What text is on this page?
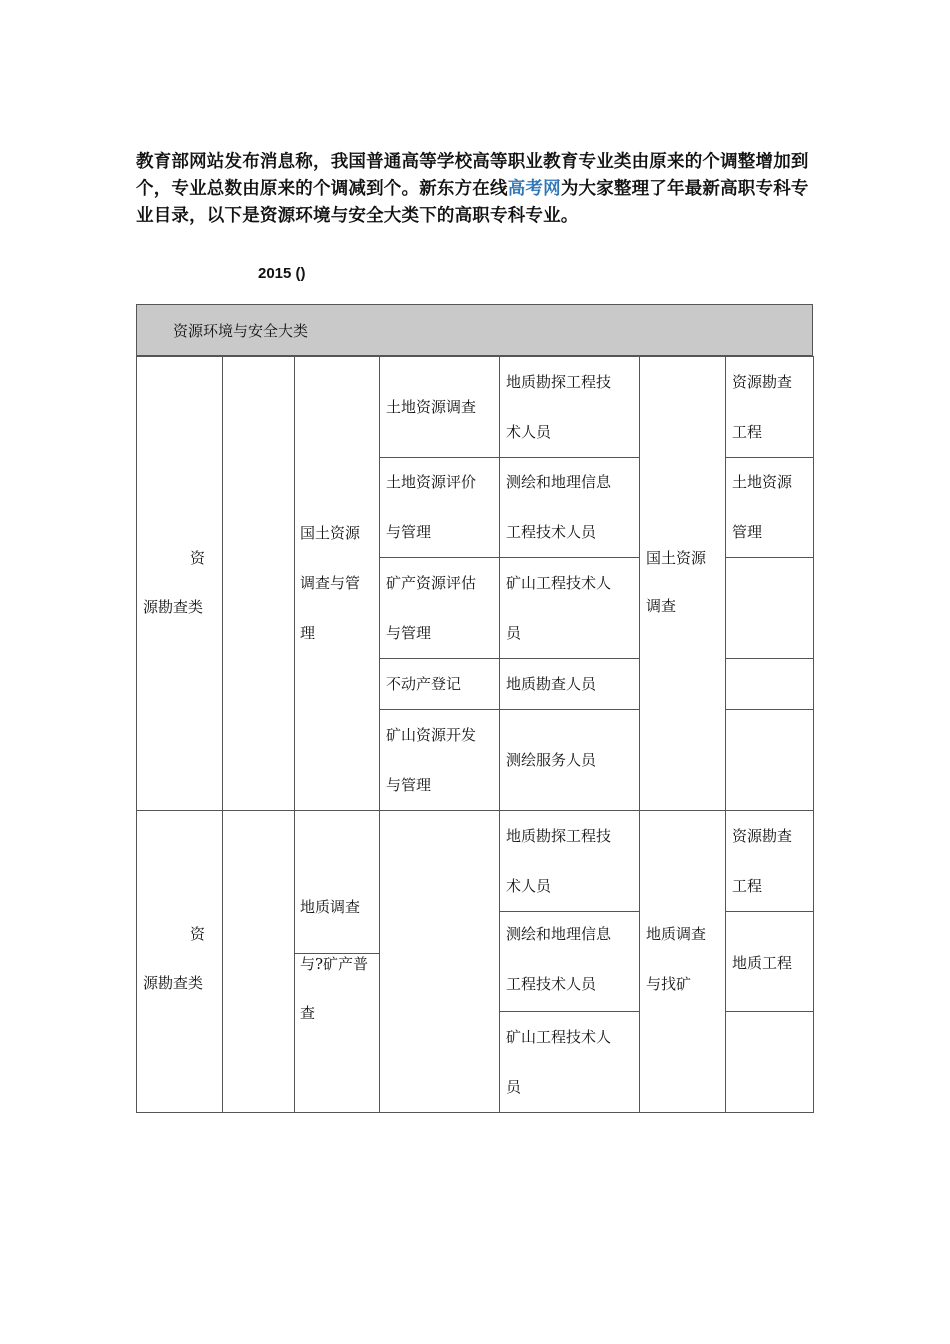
教育部网站发布消息称，我国普通高等学校高等职业教育专业类由原来的个调整增加到个，专业总数由原来的个调减到个。新东方在线高考网为大家整理了年最新高职专科专业目录，以下是资源环境与安全大类下的高职专科专业。
2015 ()
资源环境与安全大类
资
源勘查类
国土资源
调查与管
理
土地资源调查
土地资源评价
与管理
矿产资源评估
与管理
不动产登记
矿山资源开发
与管理
地质勘探工程技
术人员
测绘和地理信息
工程技术人员
矿山工程技术人
员
地质勘查人员
测绘服务人员
国土资源
调查
资源勘查
工程
土地资源
管理
资
源勘查类
地质调查
与?矿产普
查
地质勘探工程技
术人员
测绘和地理信息
工程技术人员
矿山工程技术人
员
地质调查
与找矿
资源勘查
工程
地质工程
